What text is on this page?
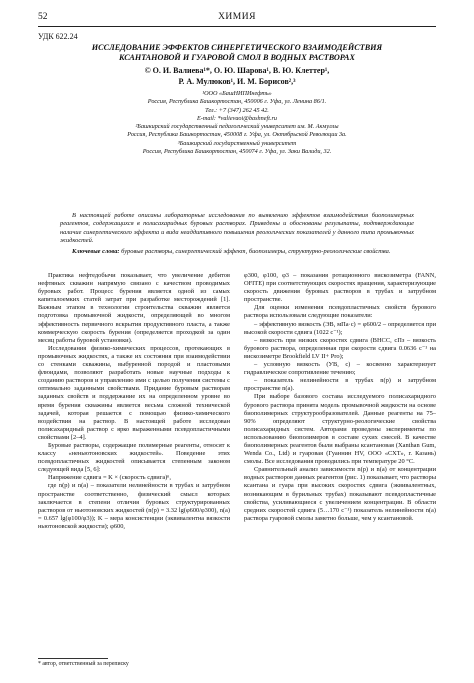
52	ХИМИЯ
УДК 622.24
ИССЛЕДОВАНИЕ ЭФФЕКТОВ СИНЕРГЕТИЧЕСКОГО ВЗАИМОДЕЙСТВИЯ КСАНТАНОВОЙ И ГУАРОВОЙ СМОЛ В ВОДНЫХ РАСТВОРАХ
© О. И. Валиева¹*, О. Ю. Шарова¹, В. Ю. Клеттер¹,
Р. А. Мулюков¹, И. М. Борисов²,³
¹ООО «БашНИПИнефть»
Россия, Республика Башкортостан, 450006 г. Уфа, ул. Ленина 86/1.
Тел.: +7 (347) 262 45 42.
E-mail: *valievaoi@bashneft.ru
²Башкирский государственный педагогический университет им. М. Акмуллы
Россия, Республика Башкортостан, 450008 г. Уфа, ул. Октябрьской Революции 3а.
³Башкирский государственный университет
Россия, Республика Башкортостан, 450074 г. Уфа, ул. Заки Валиди, 32.

В настоящей работе описаны лабораторные исследования по выявлению эффектов взаимодействия биополимерных реагентов, содержащихся в полисахаридных буровых растворах. Приведены и обоснованы результаты, подтверждающие наличие синергетического эффекта и вида неаддитивного повышения реологических показателей у данного типа промывочных жидкостей.

Ключевые слова: буровые растворы, синергетический эффект, биополимеры, структурно-реологические свойства.

Практика нефтедобычи показывает, что увеличение дебитов нефтяных скважин напрямую связано с качеством проводимых буровых работ. Процесс бурения является одной из самых капиталоемких статей затрат при разработке месторождений [1]. Важным этапом в технологии строительства скважин является подготовка промывочной жидкости, определяющей во многом эффективность первичного вскрытия продуктивного пласта, а также коммерческую скорость бурения (определяется проходкой за один месяц работы буровой установки).

Исследования физико-химических процессов, протекающих в промывочных жидкостях, а также их состояния при взаимодействии со стенками скважины, выбуренной породой и пластовыми флюидами, позволяют разработать новые научные подходы к созданию растворов и управлению ими с целью получения системы с оптимально заданными свойствами. Придание буровым растворам заданных свойств и поддержание их на определенном уровне во время бурения скважины является весьма сложной технической задачей, которая решается с помощью физико-химического воздействия на раствор. В настоящей работе исследован полисахаридный раствор с ярко выраженными псевдопластичными свойствами [2–4].

Буровые растворы, содержащие полимерные реагенты, относят к классу «неньютоновских жидкостей». Поведение этих псевдопластичных жидкостей описывается степенным законом следующей вида [5, 6]:

Напряжение сдвига = K × (скорость сдвига)ⁿ,

где n(p) и n(a) – показатели нелинейности в трубах и затрубном пространстве соответственно, физический смысл которых заключается в степени отличия буровых структурированных растворов от ньютоновских жидкостей (n(p) = 3.32 lg(φ600/φ300), n(a) = 0.657 lg(φ100/φ3)); K – мера консистенции (эквивалентна вязкости ньютоновской жидкости); φ600,

φ300, φ100, φ3 – показания ротационного вискозиметра (FANN, OFITE) при соответствующих скоростях вращения, характеризующие скорость движения буровых растворов в трубах и затрубном пространстве.

Для оценки изменения псевдопластичных свойств бурового раствора использовали следующие показатели:

– эффективную вязкость (ЭВ, мПа·с) = φ600/2 – определяется при высокой скорости сдвига (1022 с⁻¹);

– вязкость при низких скоростях сдвига (ВНСС, сПз – вязкость бурового раствора, определенная при скорости сдвига 0.0636 с⁻¹ на вискозиметре Brookfield LV II+ Pro);

– условную вязкость (УВ, с) – косвенно характеризует гидравлическое сопротивление течению;

– показатель нелинейности в трубах n(p) и затрубном пространстве n(a).

При выборе базового состава исследуемого полисахаридного бурового раствора принята модель промывочной жидкости на основе биополимерных структурообразователей. Данные реагенты на 75–90% определяют структурно-реологические свойства полисахаридных систем. Авторами проведены эксперименты по использованию биополимеров в составе сухих смесей. В качестве биополимерных реагентов были выбраны ксантановая (Xanthan Gum, Wenda Co., Ltd) и гуаровая (Гуаннин HV, ООО «СХТ», г. Казань) смолы. Все исследования проводились при температуре 20 °С.

Сравнительный анализ зависимости n(p) и n(a) от концентрации водных растворов данных реагентов (рис. 1) показывает, что растворы ксантана и гуара при высоких скоростях сдвига (эквивалентных, возникающим в бурильных трубах) показывают псевдопластичные свойства, усиливающиеся с увеличением концентрации. В области средних скоростей сдвига (5…170 с⁻¹) показатель нелинейности n(a) раствора гуаровой смолы заметно больше, чем у ксантановой.

* автор, ответственный за переписку
